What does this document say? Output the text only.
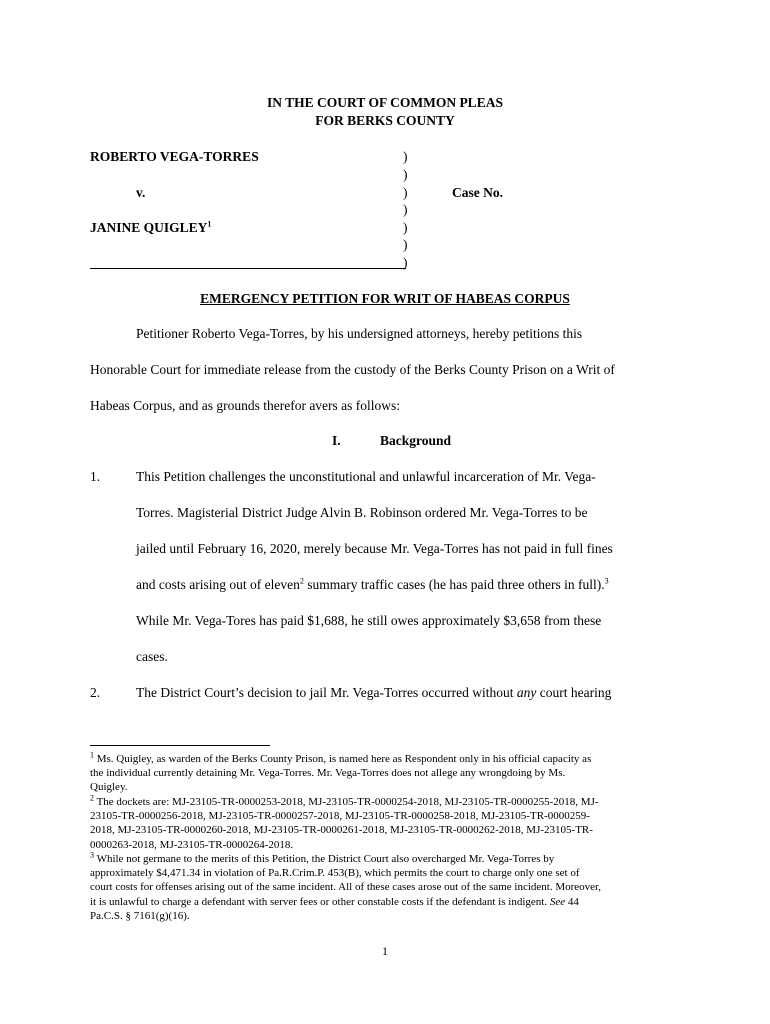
IN THE COURT OF COMMON PLEAS
FOR BERKS COUNTY
ROBERTO VEGA-TORRES
v.
JANINE QUIGLEY$^1$
)
)
)
)
)
)
)
Case No.
EMERGENCY PETITION FOR WRIT OF HABEAS CORPUS
Petitioner Roberto Vega-Torres, by his undersigned attorneys, hereby petitions this
Honorable Court for immediate release from the custody of the Berks County Prison on a Writ of
Habeas Corpus, and as grounds therefor avers as follows:
I.	Background
1.	This Petition challenges the unconstitutional and unlawful incarceration of Mr. Vega-
Torres. Magisterial District Judge Alvin B. Robinson ordered Mr. Vega-Torres to be
jailed until February 16, 2020, merely because Mr. Vega-Torres has not paid in full fines
and costs arising out of eleven$^2$ summary traffic cases (he has paid three others in full).$^3$
While Mr. Vega-Tores has paid $1,688, he still owes approximately $3,658 from these
cases.
2.	The District Court’s decision to jail Mr. Vega-Torres occurred without any court hearing
$^1$ Ms. Quigley, as warden of the Berks County Prison, is named here as Respondent only in his official capacity as
the individual currently detaining Mr. Vega-Torres. Mr. Vega-Torres does not allege any wrongdoing by Ms.
Quigley.
$^2$ The dockets are: MJ-23105-TR-0000253-2018, MJ-23105-TR-0000254-2018, MJ-23105-TR-0000255-2018, MJ-
23105-TR-0000256-2018, MJ-23105-TR-0000257-2018, MJ-23105-TR-0000258-2018, MJ-23105-TR-0000259-
2018, MJ-23105-TR-0000260-2018, MJ-23105-TR-0000261-2018, MJ-23105-TR-0000262-2018, MJ-23105-TR-
0000263-2018, MJ-23105-TR-0000264-2018.
$^3$ While not germane to the merits of this Petition, the District Court also overcharged Mr. Vega-Torres by
approximately $4,471.34 in violation of Pa.R.Crim.P. 453(B), which permits the court to charge only one set of
court costs for offenses arising out of the same incident. All of these cases arose out of the same incident. Moreover,
it is unlawful to charge a defendant with server fees or other constable costs if the defendant is indigent. See 44
Pa.C.S. § 7161(g)(16).
1
